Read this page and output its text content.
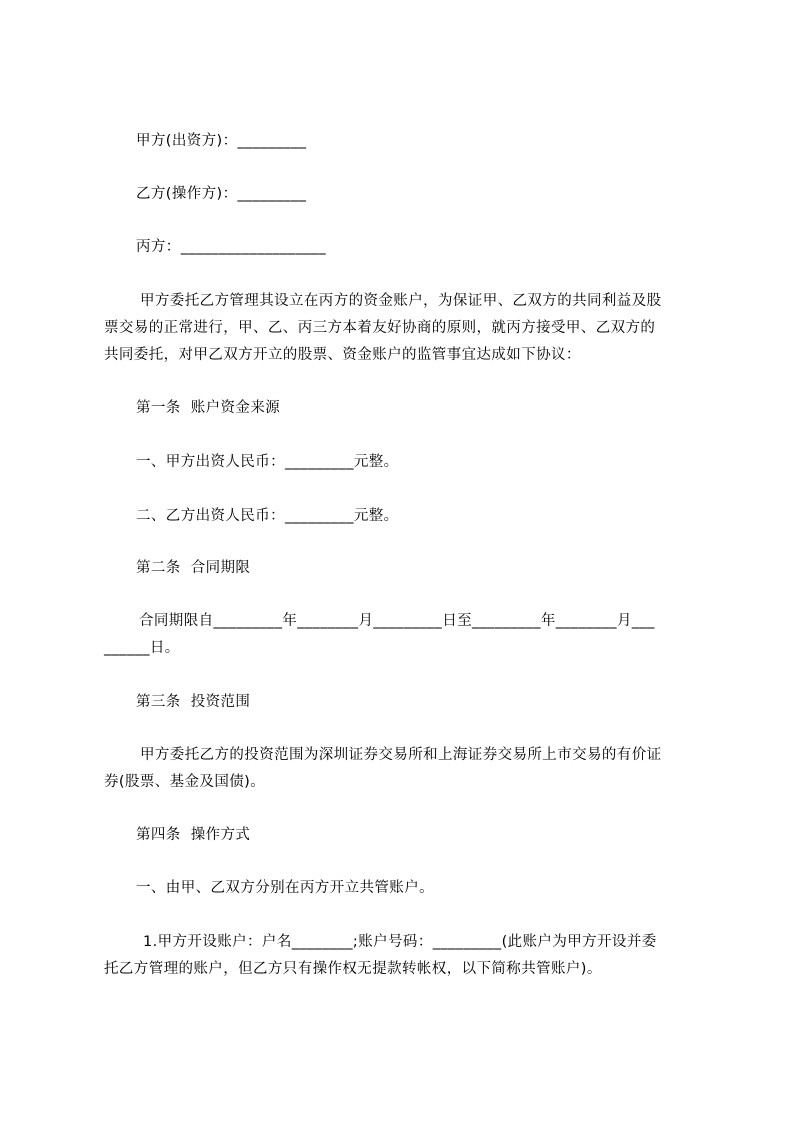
甲方(出资方)：_________
乙方(操作方)：_________
丙方：___________________
甲方委托乙方管理其设立在丙方的资金账户，为保证甲、乙双方的共同利益及股
票交易的正常进行，甲、乙、丙三方本着友好协商的原则，就丙方接受甲、乙双方的
共同委托，对甲乙双方开立的股票、资金账户的监管事宜达成如下协议：
第一条  账户资金来源
一、甲方出资人民币：_________元整。
二、乙方出资人民币：_________元整。
第二条  合同期限
合同期限自_________年________月_________日至_________年________月___
______日。
第三条  投资范围
甲方委托乙方的投资范围为深圳证券交易所和上海证券交易所上市交易的有价证
券(股票、基金及国债)。
第四条  操作方式
一、由甲、乙双方分别在丙方开立共管账户。
1.甲方开设账户：户名________;账户号码：_________(此账户为甲方开设并委
托乙方管理的账户，但乙方只有操作权无提款转帐权，以下简称共管账户)。
